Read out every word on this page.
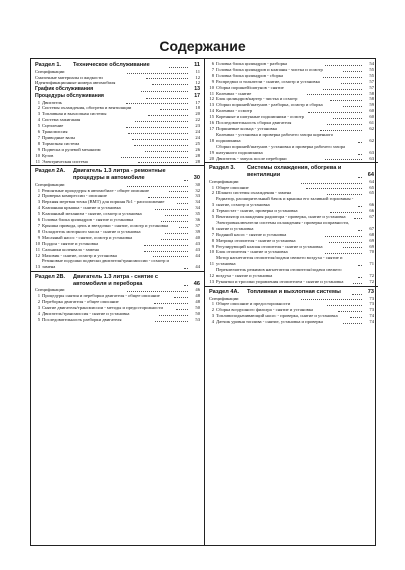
Содержание
Раздел 1.	Техническое обслуживание	11
Спецификации	11
Смазочные материалы и жидкости	12
Идентификационные номера автомобиля	12
График обслуживания	13
Процедуры обслуживания	17
1 Двигатель	17
2 Системы охлаждения, обогрева и вентиляции	18
3 Топливная и выхлопная системы	20
4 Система зажигания	22
5 Сцепление	23
6 Трансмиссия	24
7 Приводные валы	24
8 Тормозная система	25
9 Подвеска и рулевой механизм	26
10 Кузов	28
11 Электрическая система	28
Раздел 2А.	Двигатель 1.3 литра - ремонтные процедуры в автомобиле	30
Спецификации	30
1 Ремонтные процедуры в автомобиле - общее описание	32
2 Проверка компрессии - описание	33
3 Верхняя мертвая точка (ВМТ) для поршня №1 - расположение	34
4 Клапанная крышка - снятие и установка	34
5 Клапанный механизм - снятие, осмотр и установка	35
6 Головка блока цилиндров - снятие и установка	36
7 Крышка привода, цепь и звездочки - снятие, осмотр и установка	37
8 Охладитель моторного масла - снятие и установка	39
9 Масляный насос - снятие, осмотр и установка	40
10 Поддон - снятие и установка	43
11 Сальники коленвала - замена	43
12 Маховик - снятие, осмотр и установка	44
13
Резиновые подушки подвески двигателя/трансмиссии - осмотр и замена	44
Раздел 2В.	Двигатель 1.3 литра - снятие с автомобиля и переборка	46
Спецификации	46
1 Процедуры снятия и переборки двигателя - общее описание	48
2 Переборка двигателя - общее описание	48
3 Снятие двигателя/трансмиссии - методы и предосторожности	50
4 Двигатель/трансмиссия - снятие и установка	50
5 Последовательность разборки двигателя	53
6 Головка блока цилиндров - разборка	54
7 Головка блока цилиндров и клапаны - чистка и осмотр	55
8 Головка блока цилиндров - сборка	55
9 Распредвал и толкатели - снятие, осмотр и установка	57
10 Сборка поршней/шатунов - снятие	57
11 Коленвал - снятие	58
12 Блок цилиндров/картер - чистка и осмотр	58
13 Сборки поршней/шатунов - разборка, осмотр и сборка	59
14 Коленвал - осмотр	60
15 Коренные и шатунные подшипники - осмотр	60
16 Последовательность сборки двигателя	61
17 Поршневые кольца - установка	62
18
Коленвал - установка и проверка рабочего зазора коренного подшипника	62
19
Сборки поршней/шатунов - установка и проверка рабочего зазора шатунного подшипника	63
20 Двигатель - запуск после переборки	63
Раздел 3.	Системы охлаждения, обогрева и вентиляции	64
Спецификации	64
1 Общее описание	65
2 Шланги системы охлаждения - замена	65
3
Радиатор, расширительный бачок и крышка его заливной горловины - снятие, осмотр и установка	66
4 Термостат - снятие, проверка и установка	66
5 Вентилятор охлаждения радиатора - проверка, снятие и установка	67
6
Электровыключатели системы охлаждения - проверка исправности, снятие и установка	67
7 Водяной насос - снятие и установка	68
8 Матрица отопителя - снятие и установка	69
9 Регулирующий клапан отопителя - снятие и установка	69
10 Блок отопителя - снятие и установка	70
11
Мотор нагнетателя отопителя/подачи свежего воздуха - снятие и установка	71
12
Переключатель режимов нагнетателя отопителя/подачи свежего воздуха - снятие и установка	72
13 Рукоятки и тросики управления отопителем - снятие и установка	72
Раздел 4А.	Топливная и выхлопная системы	73
Спецификации	73
1 Общее описание и предосторожности	73
2 Сборка воздушного фильтра - снятие и установка	73
3 Топливоподкачивающий насос - проверка, снятие и установка	74
4 Датчик уровня топлива - снятие, установка и проверка	74
